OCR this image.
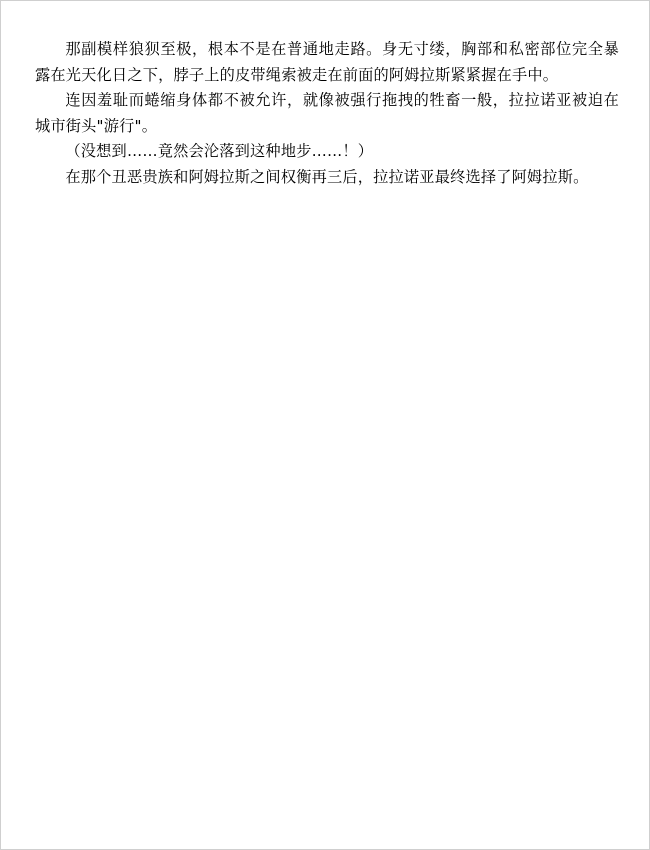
那副模样狼狈至极，根本不是在普通地走路。身无寸缕，胸部和私密部位完全暴露在光天化日之下，脖子上的皮带绳索被走在前面的阿姆拉斯紧紧握在手中。

连因羞耻而蜷缩身体都不被允许，就像被强行拖拽的牲畜一般，拉拉诺亚被迫在城市街头"游行"。

（没想到……竟然会沦落到这种地步……！）

在那个丑恶贵族和阿姆拉斯之间权衡再三后，拉拉诺亚最终选择了阿姆拉斯。
